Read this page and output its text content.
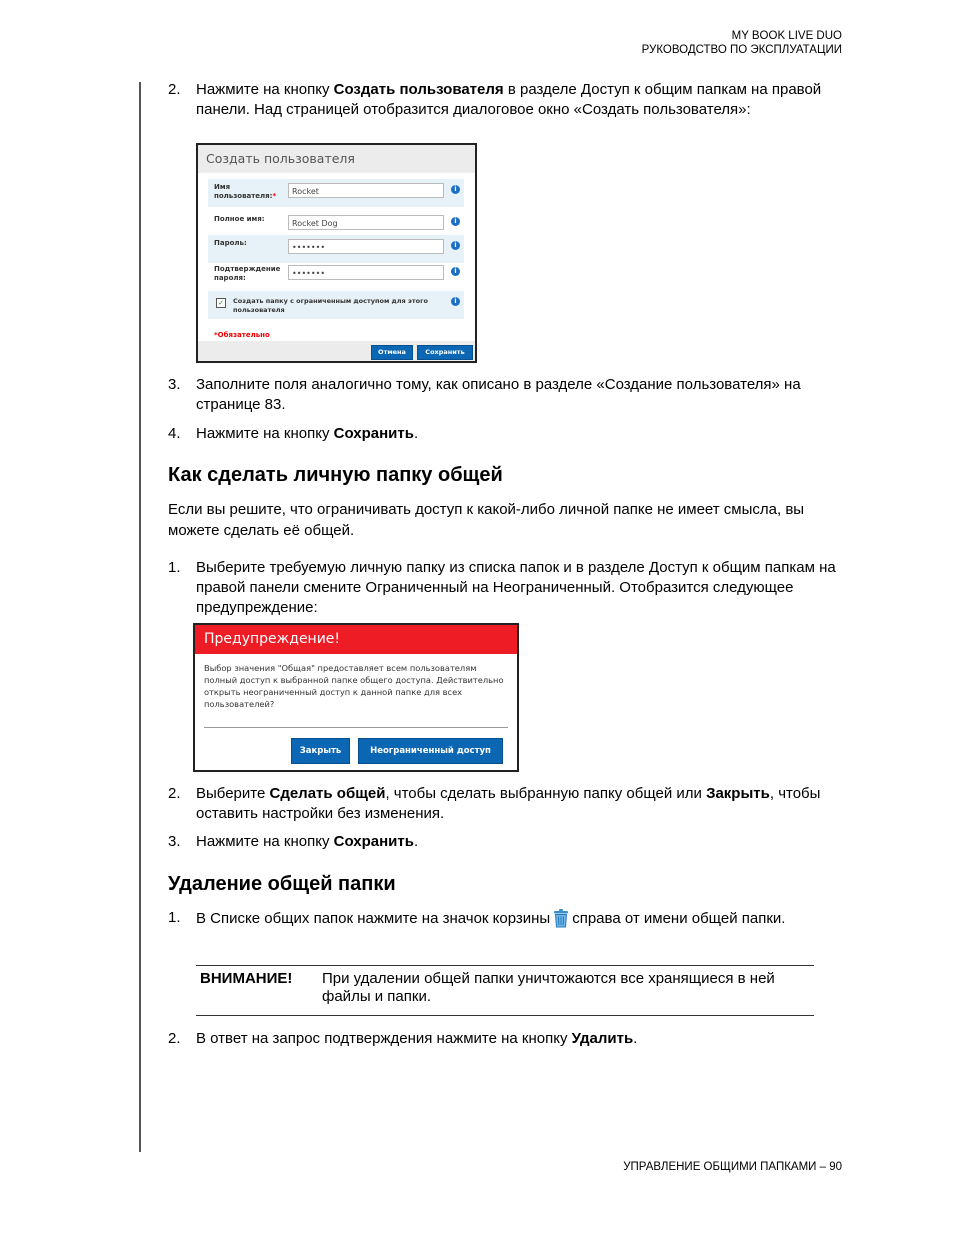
MY BOOK LIVE DUO
РУКОВОДСТВО ПО ЭКСПЛУАТАЦИИ
2. Нажмите на кнопку Создать пользователя в разделе Доступ к общим папкам на правой панели. Над страницей отобразится диалоговое окно «Создать пользователя»:
Создать пользователя
Имя пользователя:*	Rocket	i
Полное имя:	Rocket Dog	i
Пароль:	•••••••	i
Подтверждение пароля:	•••••••	i
✓	Создать папку с ограниченным доступом для этого пользователя
i
*Обязательно
Отмена	Сохранить
3. Заполните поля аналогично тому, как описано в разделе «Создание пользователя» на странице 83.
4. Нажмите на кнопку Сохранить.
Как сделать личную папку общей
Если вы решите, что ограничивать доступ к какой-либо личной папке не имеет смысла, вы можете сделать её общей.
1. Выберите требуемую личную папку из списка папок и в разделе Доступ к общим папкам на правой панели смените Ограниченный на Неограниченный. Отобразится следующее предупреждение:
Предупреждение!
Выбор значения "Общая" предоставляет всем пользователям полный доступ к выбранной папке общего доступа. Действительно открыть неограниченный доступ к данной папке для всех пользователей?
Закрыть	Неограниченный доступ
2. Выберите Сделать общей, чтобы сделать выбранную папку общей или Закрыть, чтобы оставить настройки без изменения.
3. Нажмите на кнопку Сохранить.
Удаление общей папки
1. В Списке общих папок нажмите на значок корзины справа от имени общей папки.
ВНИМАНИЕ! При удалении общей папки уничтожаются все хранящиеся в ней файлы и папки.
2. В ответ на запрос подтверждения нажмите на кнопку Удалить.
УПРАВЛЕНИЕ ОБЩИМИ ПАПКАМИ – 90
